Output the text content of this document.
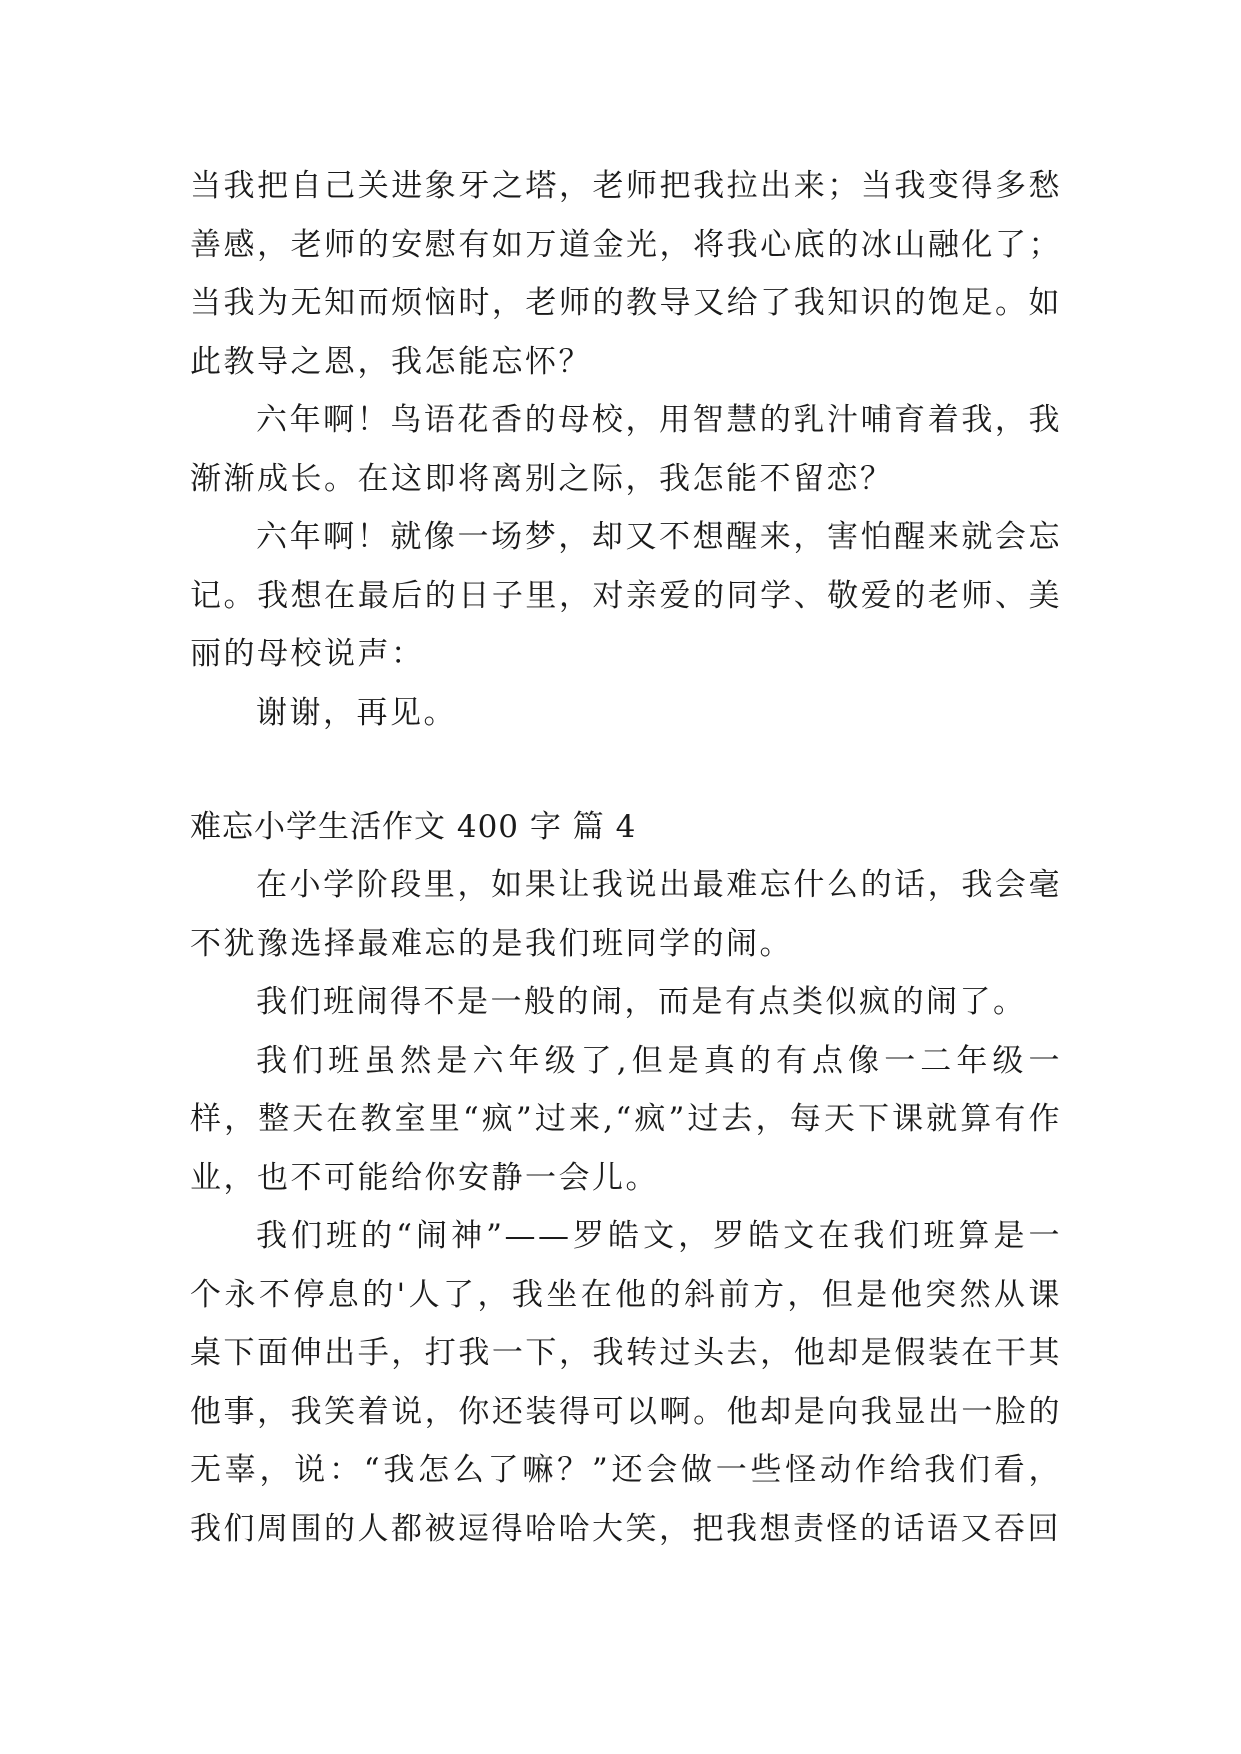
当我把自己关进象牙之塔，老师把我拉出来；当我变得多愁善感，老师的安慰有如万道金光，将我心底的冰山融化了；当我为无知而烦恼时，老师的教导又给了我知识的饱足。如此教导之恩，我怎能忘怀？

六年啊！鸟语花香的母校，用智慧的乳汁哺育着我，我渐渐成长。在这即将离别之际，我怎能不留恋？

六年啊！就像一场梦，却又不想醒来，害怕醒来就会忘记。我想在最后的日子里，对亲爱的同学、敬爱的老师、美丽的母校说声：

谢谢，再见。

难忘小学生活作文 400 字 篇 4

在小学阶段里，如果让我说出最难忘什么的话，我会毫不犹豫选择最难忘的是我们班同学的闹。

我们班闹得不是一般的闹，而是有点类似疯的闹了。

我们班虽然是六年级了,但是真的有点像一二年级一样，整天在教室里“疯”过来,“疯”过去，每天下课就算有作业，也不可能给你安静一会儿。

我们班的“闹神”——罗皓文，罗皓文在我们班算是一个永不停息的'人了，我坐在他的斜前方，但是他突然从课桌下面伸出手，打我一下，我转过头去，他却是假装在干其他事，我笑着说，你还装得可以啊。他却是向我显出一脸的无辜，说：“我怎么了嘛？”还会做一些怪动作给我们看，我们周围的人都被逗得哈哈大笑，把我想责怪的话语又吞回
